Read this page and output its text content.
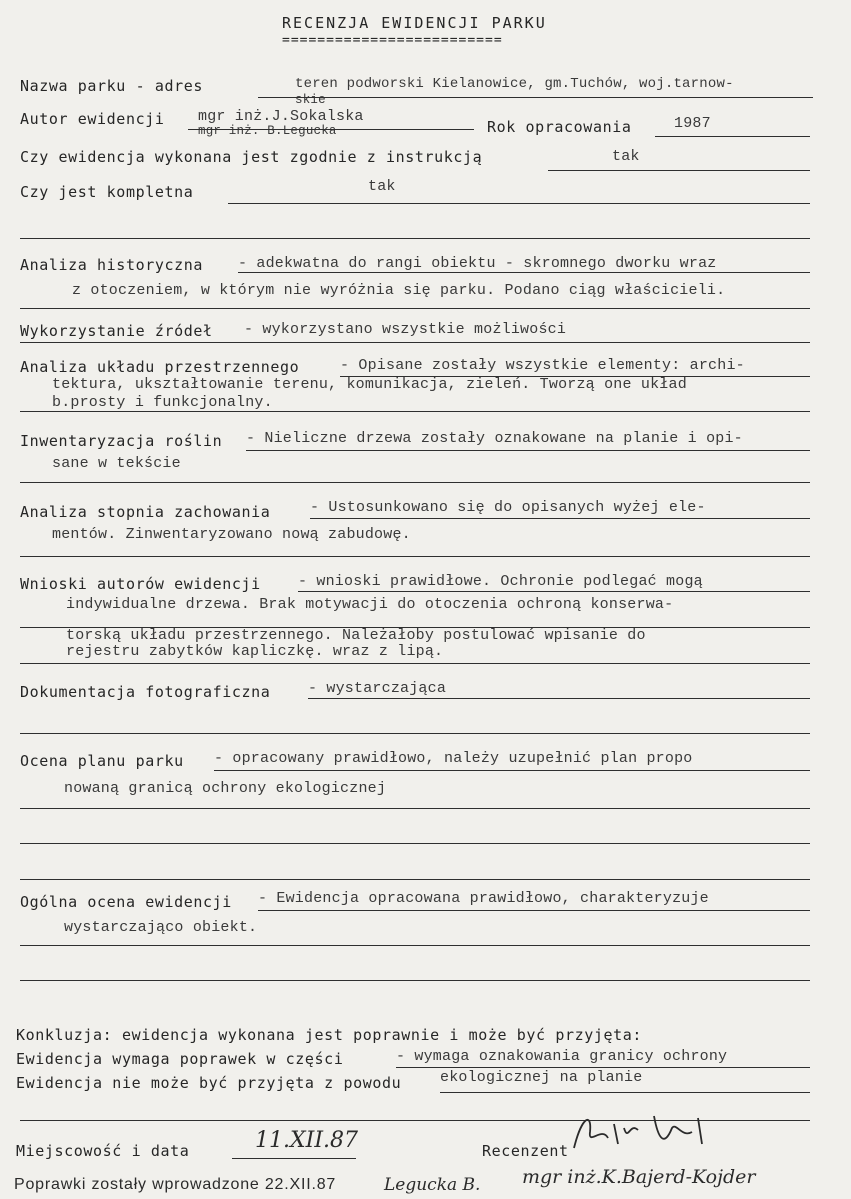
RECENZJA EWIDENCJI PARKU
=========================
Nazwa parku - adres	teren podworski Kielanowice, gm.Tuchów, woj.tarnow-
skie
Autor ewidencji mgr inż.J.Sokalska
mgr inż. B.Legucka	Rok opracowania	1987
Czy ewidencja wykonana jest zgodnie z instrukcją	tak
Czy jest kompletna	tak
Analiza historyczna - adekwatna do rangi obiektu - skromnego dworku wraz
z otoczeniem, w którym nie wyróżnia się parku. Podano ciąg właścicieli.
Wykorzystanie źródeł - wykorzystano wszystkie możliwości
Analiza układu przestrzennego	- Opisane zostały wszystkie elementy: archi-
tektura, ukształtowanie terenu, komunikacja, zieleń. Tworzą one układ
b.prosty i funkcjonalny.
Inwentaryzacja roślin - Nieliczne drzewa zostały oznakowane na planie i opi-
sane w tekście
Analiza stopnia zachowania	- Ustosunkowano się do opisanych wyżej ele-
mentów. Zinwentaryzowano nową zabudowę.
Wnioski autorów ewidencji - wnioski prawidłowe. Ochronie podlegać mogą
indywidualne drzewa. Brak motywacji do otoczenia ochroną konserwa-
torską układu przestrzennego. Należałoby postulować wpisanie do
rejestru zabytków kapliczkę. wraz z lipą.
Dokumentacja fotograficzna	- wystarczająca
Ocena planu parku - opracowany prawidłowo, należy uzupełnić plan propo
nowaną granicą ochrony ekologicznej
Ogólna ocena ewidencji - Ewidencja opracowana prawidłowo, charakteryzuje
wystarczająco obiekt.
Konkluzja: ewidencja wykonana jest poprawnie i może być przyjęta:
Ewidencja wymaga poprawek w części	- wymaga oznakowania granicy ochrony
Ewidencja nie może być przyjęta z powodu	ekologicznej na planie
Miejscowość i data	11.XII.87	Recenzent
mgr inż.K.Bajerd-Kojder
Poprawki zostały wprowadzone 22.XII.87	Legucka B.
